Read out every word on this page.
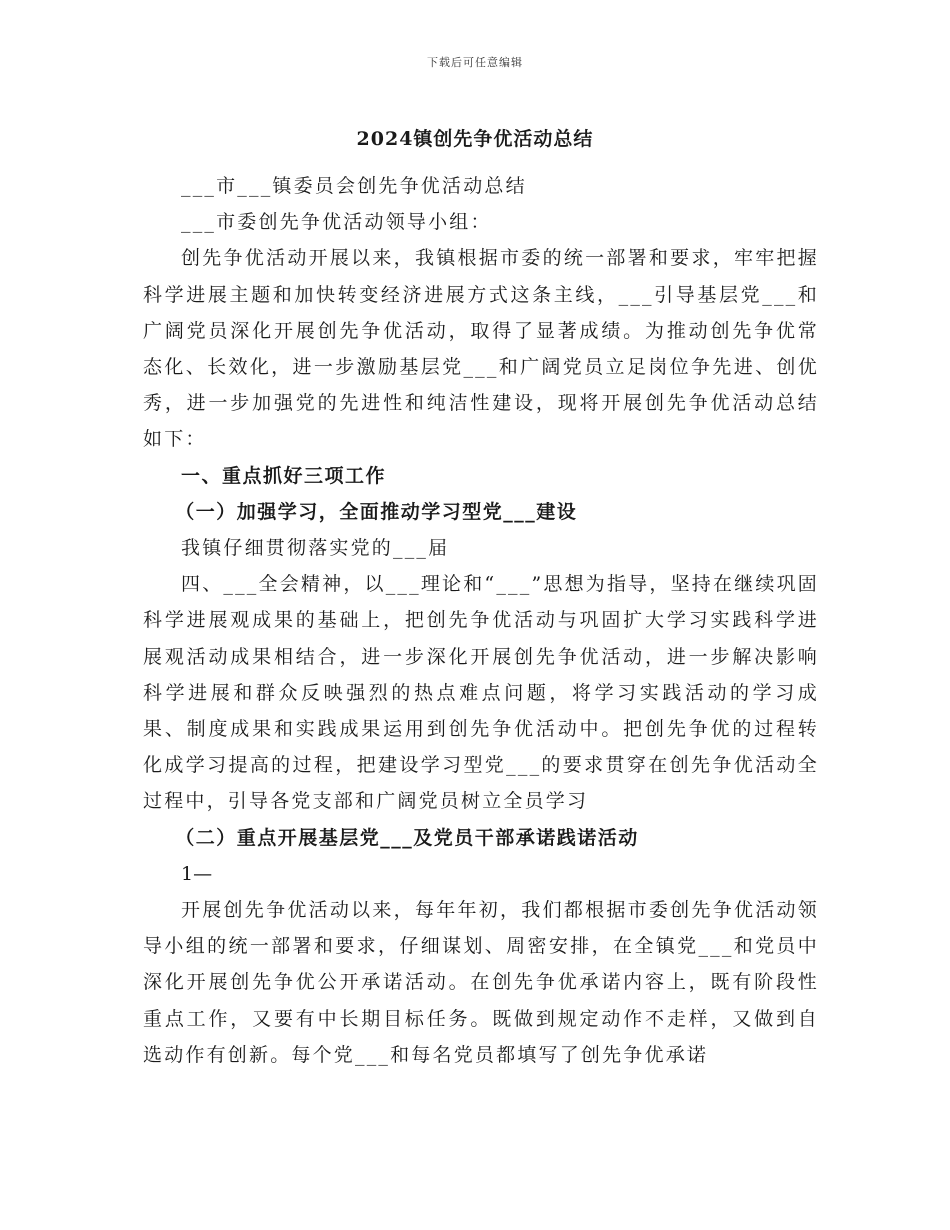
下载后可任意编辑
2024镇创先争优活动总结

___市___镇委员会创先争优活动总结

___市委创先争优活动领导小组：

创先争优活动开展以来，我镇根据市委的统一部署和要求，牢牢把握科学进展主题和加快转变经济进展方式这条主线，___引导基层党___和广阔党员深化开展创先争优活动，取得了显著成绩。为推动创先争优常态化、长效化，进一步激励基层党___和广阔党员立足岗位争先进、创优秀，进一步加强党的先进性和纯洁性建设，现将开展创先争优活动总结如下：

一、重点抓好三项工作

（一）加强学习，全面推动学习型党___建设

我镇仔细贯彻落实党的___届

四、___全会精神，以___理论和“___”思想为指导，坚持在继续巩固科学进展观成果的基础上，把创先争优活动与巩固扩大学习实践科学进展观活动成果相结合，进一步深化开展创先争优活动，进一步解决影响科学进展和群众反映强烈的热点难点问题，将学习实践活动的学习成果、制度成果和实践成果运用到创先争优活动中。把创先争优的过程转化成学习提高的过程，把建设学习型党___的要求贯穿在创先争优活动全过程中，引导各党支部和广阔党员树立全员学习

（二）重点开展基层党___及党员干部承诺践诺活动

1—

开展创先争优活动以来，每年年初，我们都根据市委创先争优活动领导小组的统一部署和要求，仔细谋划、周密安排，在全镇党___和党员中深化开展创先争优公开承诺活动。在创先争优承诺内容上，既有阶段性重点工作，又要有中长期目标任务。既做到规定动作不走样，又做到自选动作有创新。每个党___和每名党员都填写了创先争优承诺
